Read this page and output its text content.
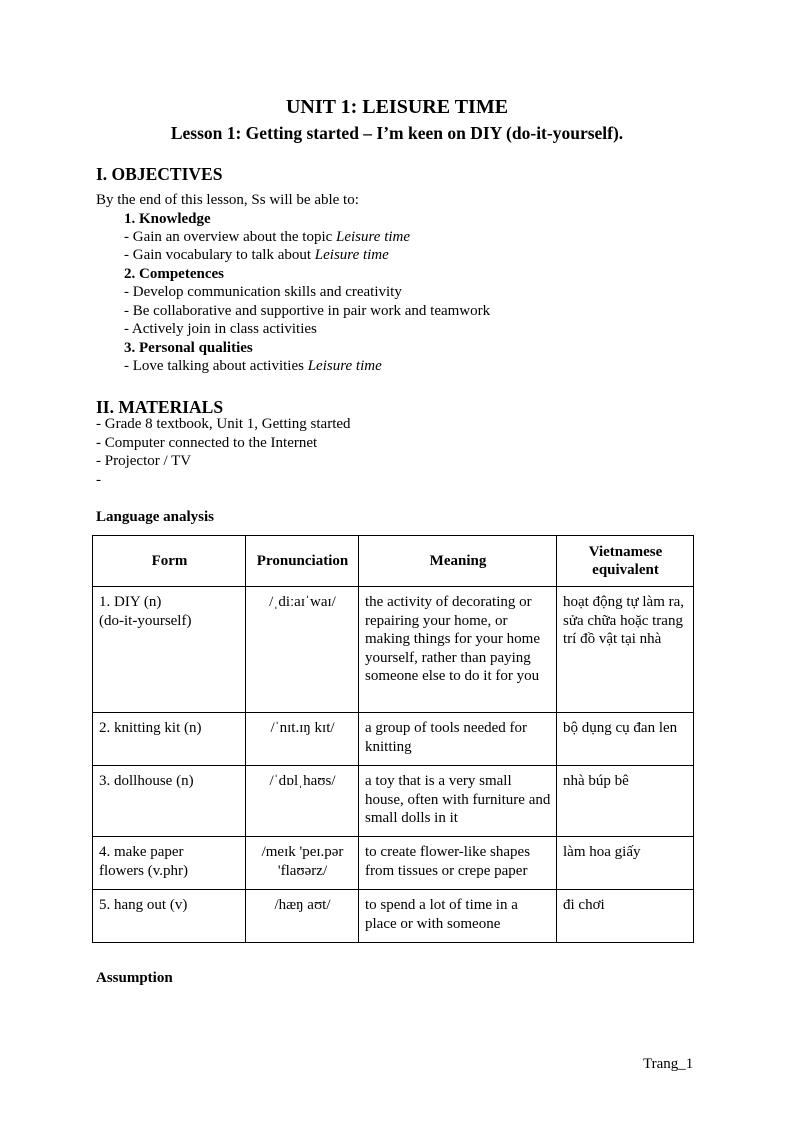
UNIT 1: LEISURE TIME
Lesson 1: Getting started – I’m keen on DIY (do-it-yourself).
I. OBJECTIVES
By the end of this lesson, Ss will be able to:
1. Knowledge
- Gain an overview about the topic Leisure time
- Gain vocabulary to talk about Leisure time
2. Competences
- Develop communication skills and creativity
- Be collaborative and supportive in pair work and teamwork
- Actively join in class activities
3. Personal qualities
- Love talking about activities Leisure time
II. MATERIALS
- Grade 8 textbook, Unit 1, Getting started
- Computer connected to the Internet
- Projector / TV
-
Language analysis
Form	Pronunciation	Meaning	Vietnamese equivalent
1. DIY (n)
(do-it-yourself)	/ˌdiːaɪˈwaɪ/	the activity of decorating or repairing your home, or making things for your home yourself, rather than paying someone else to do it for you	hoạt động tự làm ra, sửa chữa hoặc trang trí đồ vật tại nhà
2. knitting kit (n)	/ˈnɪt.ɪŋ kɪt/	a group of tools needed for knitting	bộ dụng cụ đan len
3. dollhouse (n)	/ˈdɒlˌhaʊs/	a toy that is a very small house, often with furniture and small dolls in it	nhà búp bê
4. make paper
flowers (v.phr)	/meɪk 'peɪ.pər 'flaʊərz/	to create flower-like shapes from tissues or crepe paper	làm hoa giấy
5. hang out (v)	/hæŋ aʊt/	to spend a lot of time in a place or with someone	đi chơi
Assumption
Trang_1
